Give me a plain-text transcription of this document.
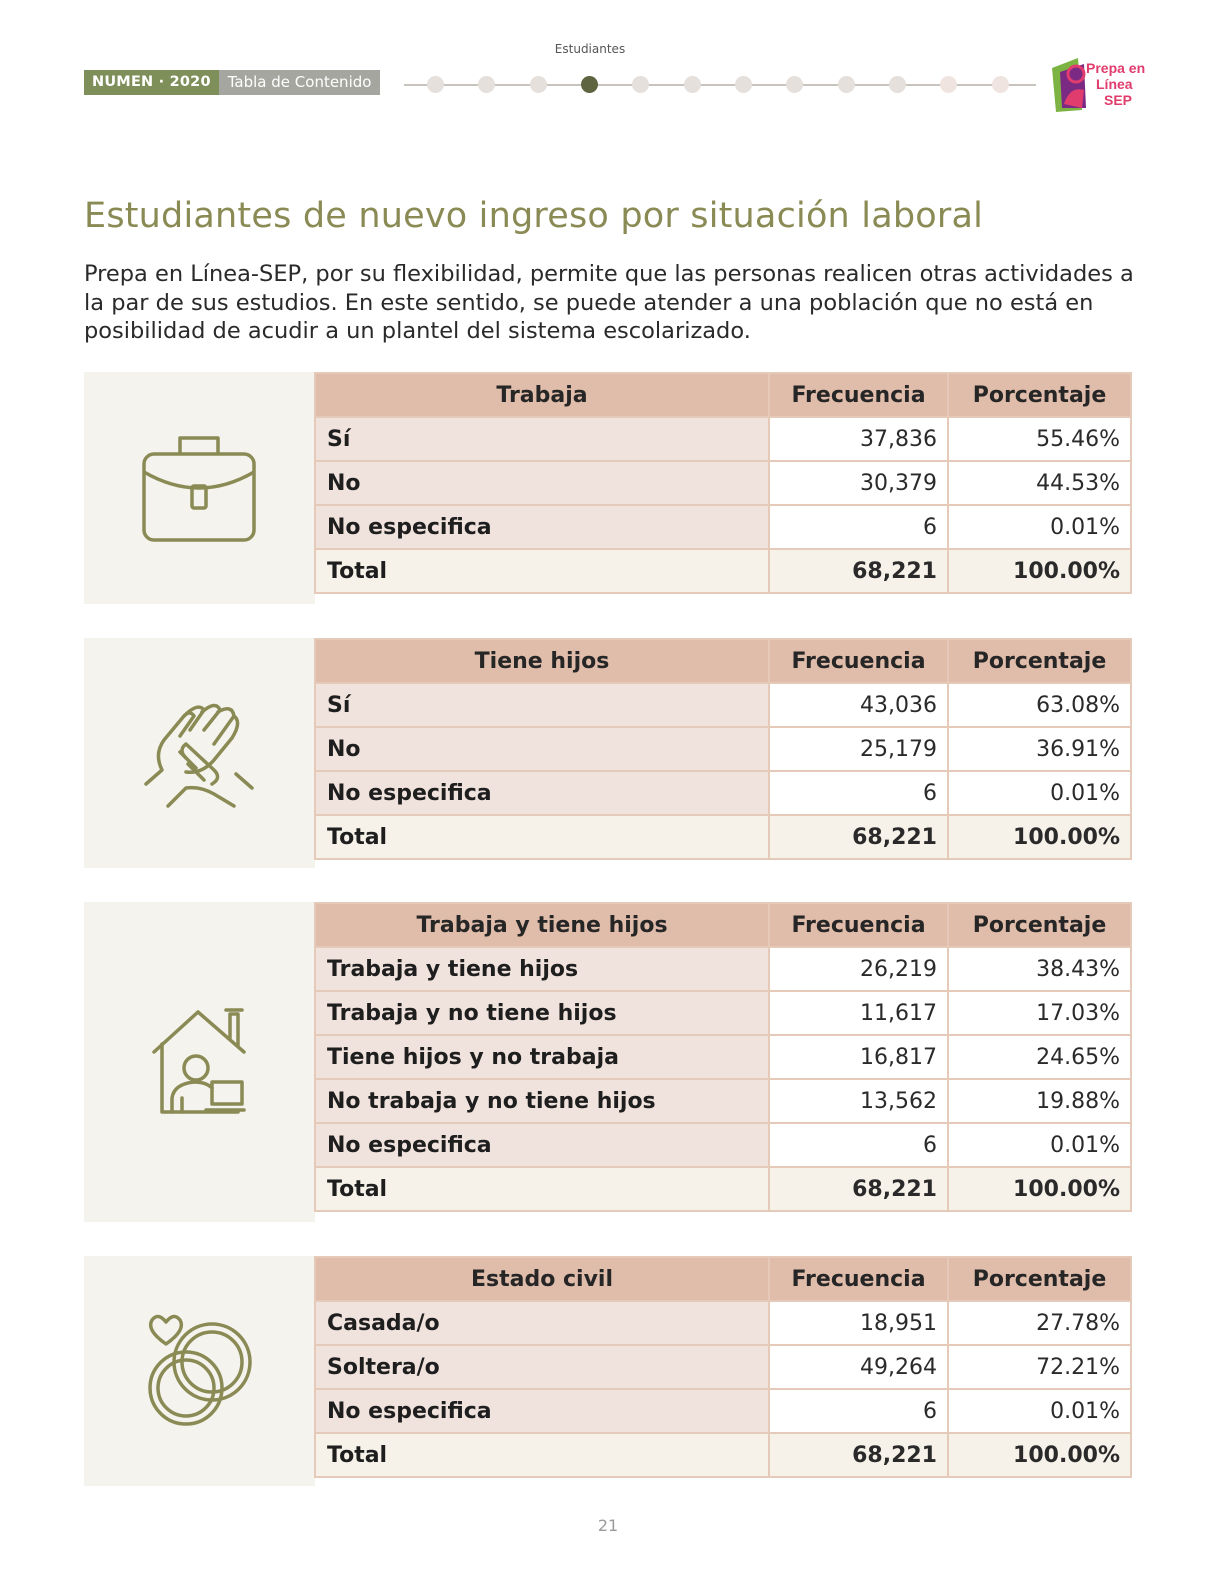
Estudiantes
NUMEN · 2020	Tabla de Contenido
Prepa en
Línea
SEP
Estudiantes de nuevo ingreso por situación laboral

Prepa en Línea-SEP, por su flexibilidad, permite que las personas realicen otras actividades a la par de sus estudios. En este sentido, se puede atender a una población que no está en posibilidad de acudir a un plantel del sistema escolarizado.

Trabaja	Frecuencia	Porcentaje
Sí	37,836	55.46%
No	30,379	44.53%
No especifica	6	0.01%
Total	68,221	100.00%
Tiene hijos	Frecuencia	Porcentaje
Sí	43,036	63.08%
No	25,179	36.91%
No especifica	6	0.01%
Total	68,221	100.00%
Trabaja y tiene hijos	Frecuencia	Porcentaje
Trabaja y tiene hijos	26,219	38.43%
Trabaja y no tiene hijos	11,617	17.03%
Tiene hijos y no trabaja	16,817	24.65%
No trabaja y no tiene hijos	13,562	19.88%
No especifica	6	0.01%
Total	68,221	100.00%
Estado civil	Frecuencia	Porcentaje
Casada/o	18,951	27.78%
Soltera/o	49,264	72.21%
No especifica	6	0.01%
Total	68,221	100.00%
21
